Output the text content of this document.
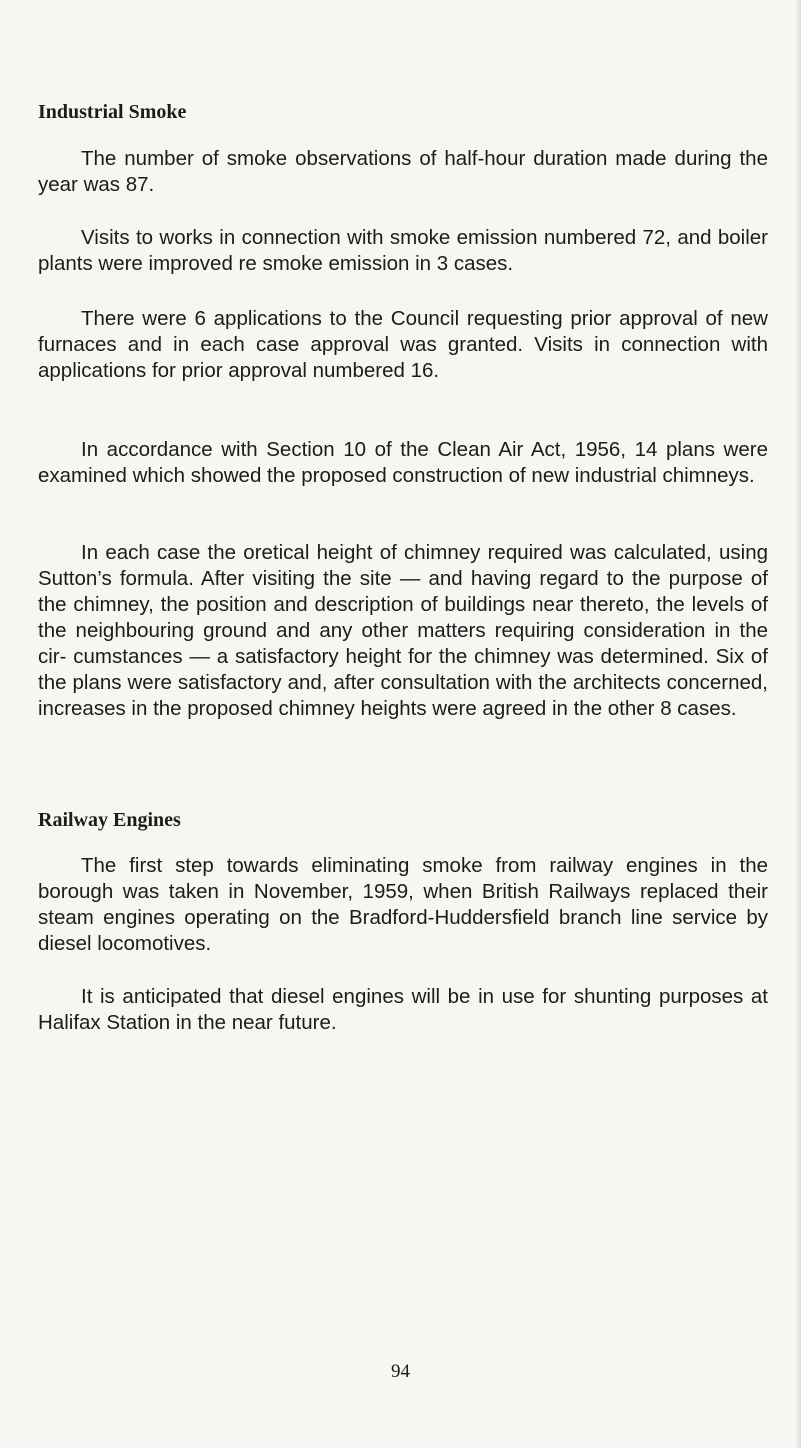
Industrial Smoke

The number of smoke observations of half-hour duration made during the year was 87.

Visits to works in connection with smoke emission numbered 72, and boiler plants were improved re smoke emission in 3 cases.

There were 6 applications to the Council requesting prior approval of new furnaces and in each case approval was granted. Visits in connection with applications for prior approval numbered 16.

In accordance with Section 10 of the Clean Air Act, 1956, 14 plans were examined which showed the proposed construction of new industrial chimneys.

In each case the oretical height of chimney required was calculated, using Sutton’s formula. After visiting the site — and having regard to the purpose of the chimney, the position and description of buildings near thereto, the levels of the neighbouring ground and any other matters requiring consideration in the cir- cumstances — a satisfactory height for the chimney was determined. Six of the plans were satisfactory and, after consultation with the architects concerned, increases in the proposed chimney heights were agreed in the other 8 cases.

Railway Engines

The first step towards eliminating smoke from railway engines in the borough was taken in November, 1959, when British Railways replaced their steam engines operating on the Bradford-Huddersfield branch line service by diesel locomotives.

It is anticipated that diesel engines will be in use for shunting purposes at Halifax Station in the near future.

94
